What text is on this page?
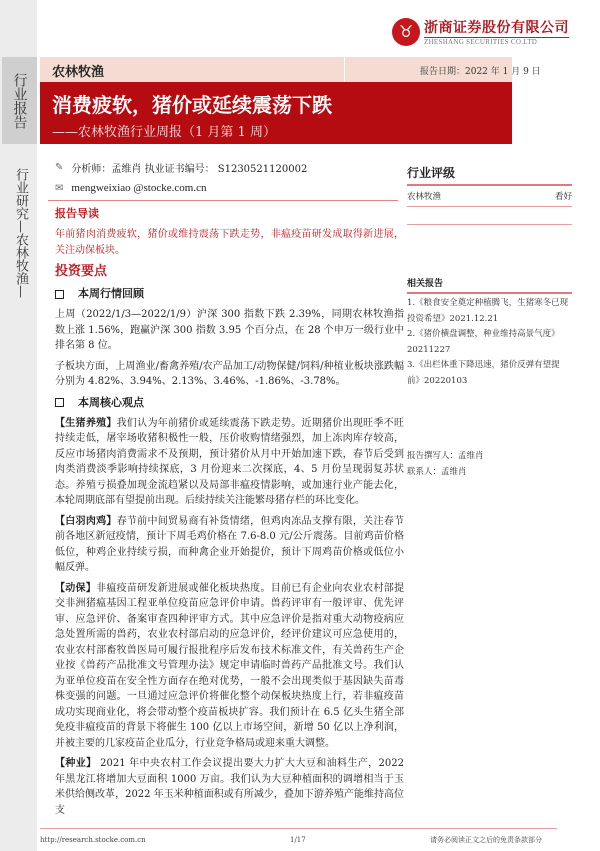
行业报告
行业研究—农林牧渔—
♉ 浙商证券股份有限公司
ZHESHANG SECURITIES CO.LTD
农林牧渔	报告日期：2022 年 1 月 9 日
消费疲软，猪价或延续震荡下跌
——农林牧渔行业周报（1 月第 1 周）
✎ 分析师：孟维肖 执业证书编号： S1230521120002
✉ mengweixiao @stocke.com.cn
报告导读
年前猪肉消费疲软，猪价或维持震荡下跌走势，非瘟疫苗研发成取得新进展，关注动保板块。
投资要点
本周行情回顾
上周（2022/1/3—2022/1/9）沪深 300 指数下跌 2.39%，同期农林牧渔指数上涨 1.56%，跑赢沪深 300 指数 3.95 个百分点，在 28 个申万一级行业中排名第 8 位。
子板块方面，上周渔业/畜禽养殖/农产品加工/动物保健/饲料/种植业板块涨跌幅分别为 4.82%、3.94%、2.13%、3.46%、-1.86%、-3.78%。
本周核心观点
【生猪养殖】我们认为年前猪价或延续震荡下跌走势。近期猪价出现旺季不旺持续走低，屠宰场收猪积极性一般，压价收购情绪强烈，加上冻肉库存较高，反应市场猪肉消费需求不及预期，预计猪价从月中开始加速下跌，春节后受到肉类消费淡季影响持续探底，3 月份迎来二次探底，4、5 月份呈现弱复苏状态。养殖亏损叠加现金流趋紧以及局部非瘟疫情影响，或加速行业产能去化，本轮周期底部有望提前出现。后续持续关注能繁母猪存栏的环比变化。
【白羽肉鸡】春节前中间贸易商有补货情绪，但鸡肉冻品支撑有限，关注春节前各地区新冠疫情，预计下周毛鸡价格在 7.6-8.0 元/公斤震荡。目前鸡苗价格低位，种鸡企业持续亏损，而种禽企业开始提价，预计下周鸡苗价格或低位小幅反弹。
【动保】非瘟疫苗研发新进展或催化板块热度。目前已有企业向农业农村部提交非洲猪瘟基因工程亚单位疫苗应急评价申请。兽药评审有一般评审、优先评审、应急评价、备案审查四种评审方式。其中应急评价是指对重大动物疫病应急处置所需的兽药，农业农村部启动的应急评价，经评价建议可应急使用的，农业农村部畜牧兽医局可履行报批程序后发布技术标准文件，有关兽药生产企业按《兽药产品批准文号管理办法》规定申请临时兽药产品批准文号。我们认为亚单位疫苗在安全性方面存在绝对优势，一般不会出现类似于基因缺失苗毒株变强的问题。一旦通过应急评价将催化整个动保板块热度上行，若非瘟疫苗成功实现商业化，将会带动整个疫苗板块扩容。我们预计在 6.5 亿头生猪全部免疫非瘟疫苗的背景下将催生 100 亿以上市场空间，新增 50 亿以上净利润，并被主要的几家疫苗企业瓜分，行业竞争格局或迎来重大调整。
【种业】 2021 年中央农村工作会议提出要大力扩大大豆和油料生产，2022 年黑龙江将增加大豆面积 1000 万亩。我们认为大豆种植面积的调增相当于玉米供给侧改革，2022 年玉米种植面积或有所减少，叠加下游养殖产能维持高位支
http://research.stocke.com.cn	1/17	请务必阅读正文之后的免责条款部分
行业评级
农林牧渔	看好
相关报告
1.《粮食安全奠定种植腾飞，生猪寒冬已现投资希望》2021.12.21
2.《猪价横盘调整，种业维持高景气度》20211227
3.《出栏体重下降迅速，猪价反弹有望提前》20220103
报告撰写人：孟维肖
联系人：孟维肖
